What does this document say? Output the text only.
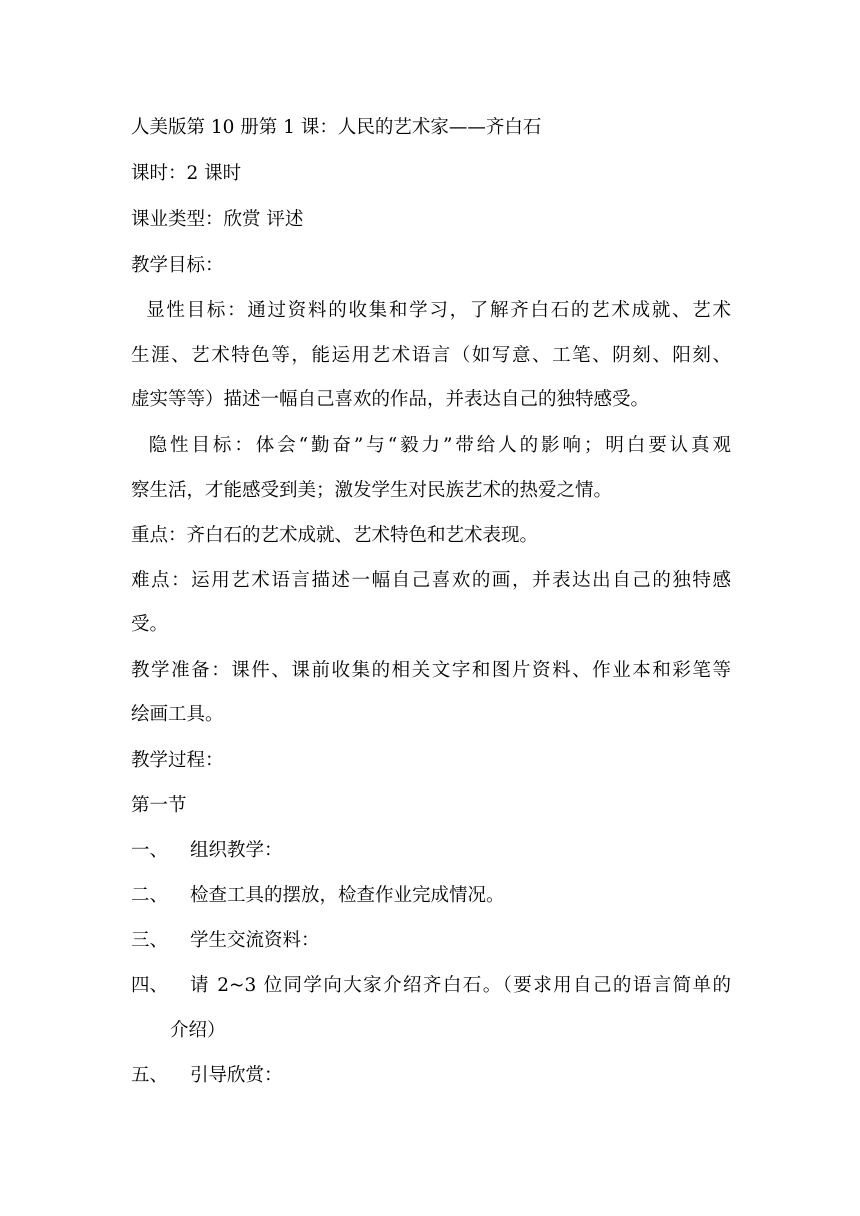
人美版第 10 册第 1 课：人民的艺术家——齐白石
课时：2 课时
课业类型：欣赏 评述
教学目标：
显性目标：通过资料的收集和学习，了解齐白石的艺术成就、艺术
生涯、艺术特色等，能运用艺术语言（如写意、工笔、阴刻、阳刻、
虚实等等）描述一幅自己喜欢的作品，并表达自己的独特感受。
隐性目标：体会“勤奋”与“毅力”带给人的影响；明白要认真观
察生活，才能感受到美；激发学生对民族艺术的热爱之情。
重点：齐白石的艺术成就、艺术特色和艺术表现。
难点：运用艺术语言描述一幅自己喜欢的画，并表达出自己的独特感
受。
教学准备：课件、课前收集的相关文字和图片资料、作业本和彩笔等
绘画工具。
教学过程：
第一节
一、 组织教学：
二、 检查工具的摆放，检查作业完成情况。
三、 学生交流资料：
四、 请 2~3 位同学向大家介绍齐白石。（要求用自己的语言简单的
介绍）
五、 引导欣赏：
